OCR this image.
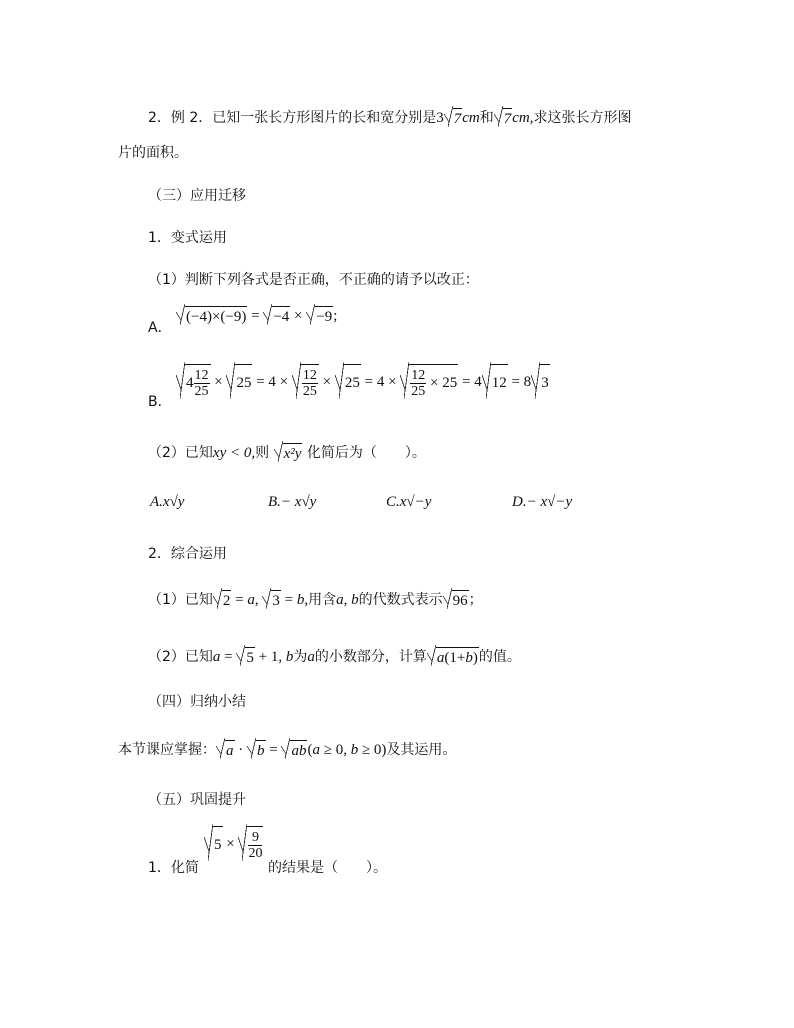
2．例 2．已知一张长方形图片的长和宽分别是3 7cm和 7cm,求这张长方形图
片的面积。
（三）应用迁移
1．变式运用
（1）判断下列各式是否正确，不正确的请予以改正：
A．
(−4)×(−9) = −4 × −9;
B．
$4 \frac{12}{25} \times 25 = 4 \times \frac{12}{25} \times 25 = 4 \times \frac{12}{25} \times 25 = 4$ 12 = 8 3
（2）已知xy < 0,则 x²y 化简后为（　　）。
A.x√y	B.− x√y	C.x√−y	D.− x√−y
2．综合运用
（1）已知 2 = a, 3 = b,用含a, b的代数式表示 96；
（2）已知a = 5 + 1, b为a的小数部分，计算 a(1+b)的值。
（四）归纳小结
本节课应掌握： a · b = ab(a ≥ 0, b ≥ 0)及其运用。
（五）巩固提升
1．化简
$5 \times \frac{9}{20}$
的结果是（　　）。
